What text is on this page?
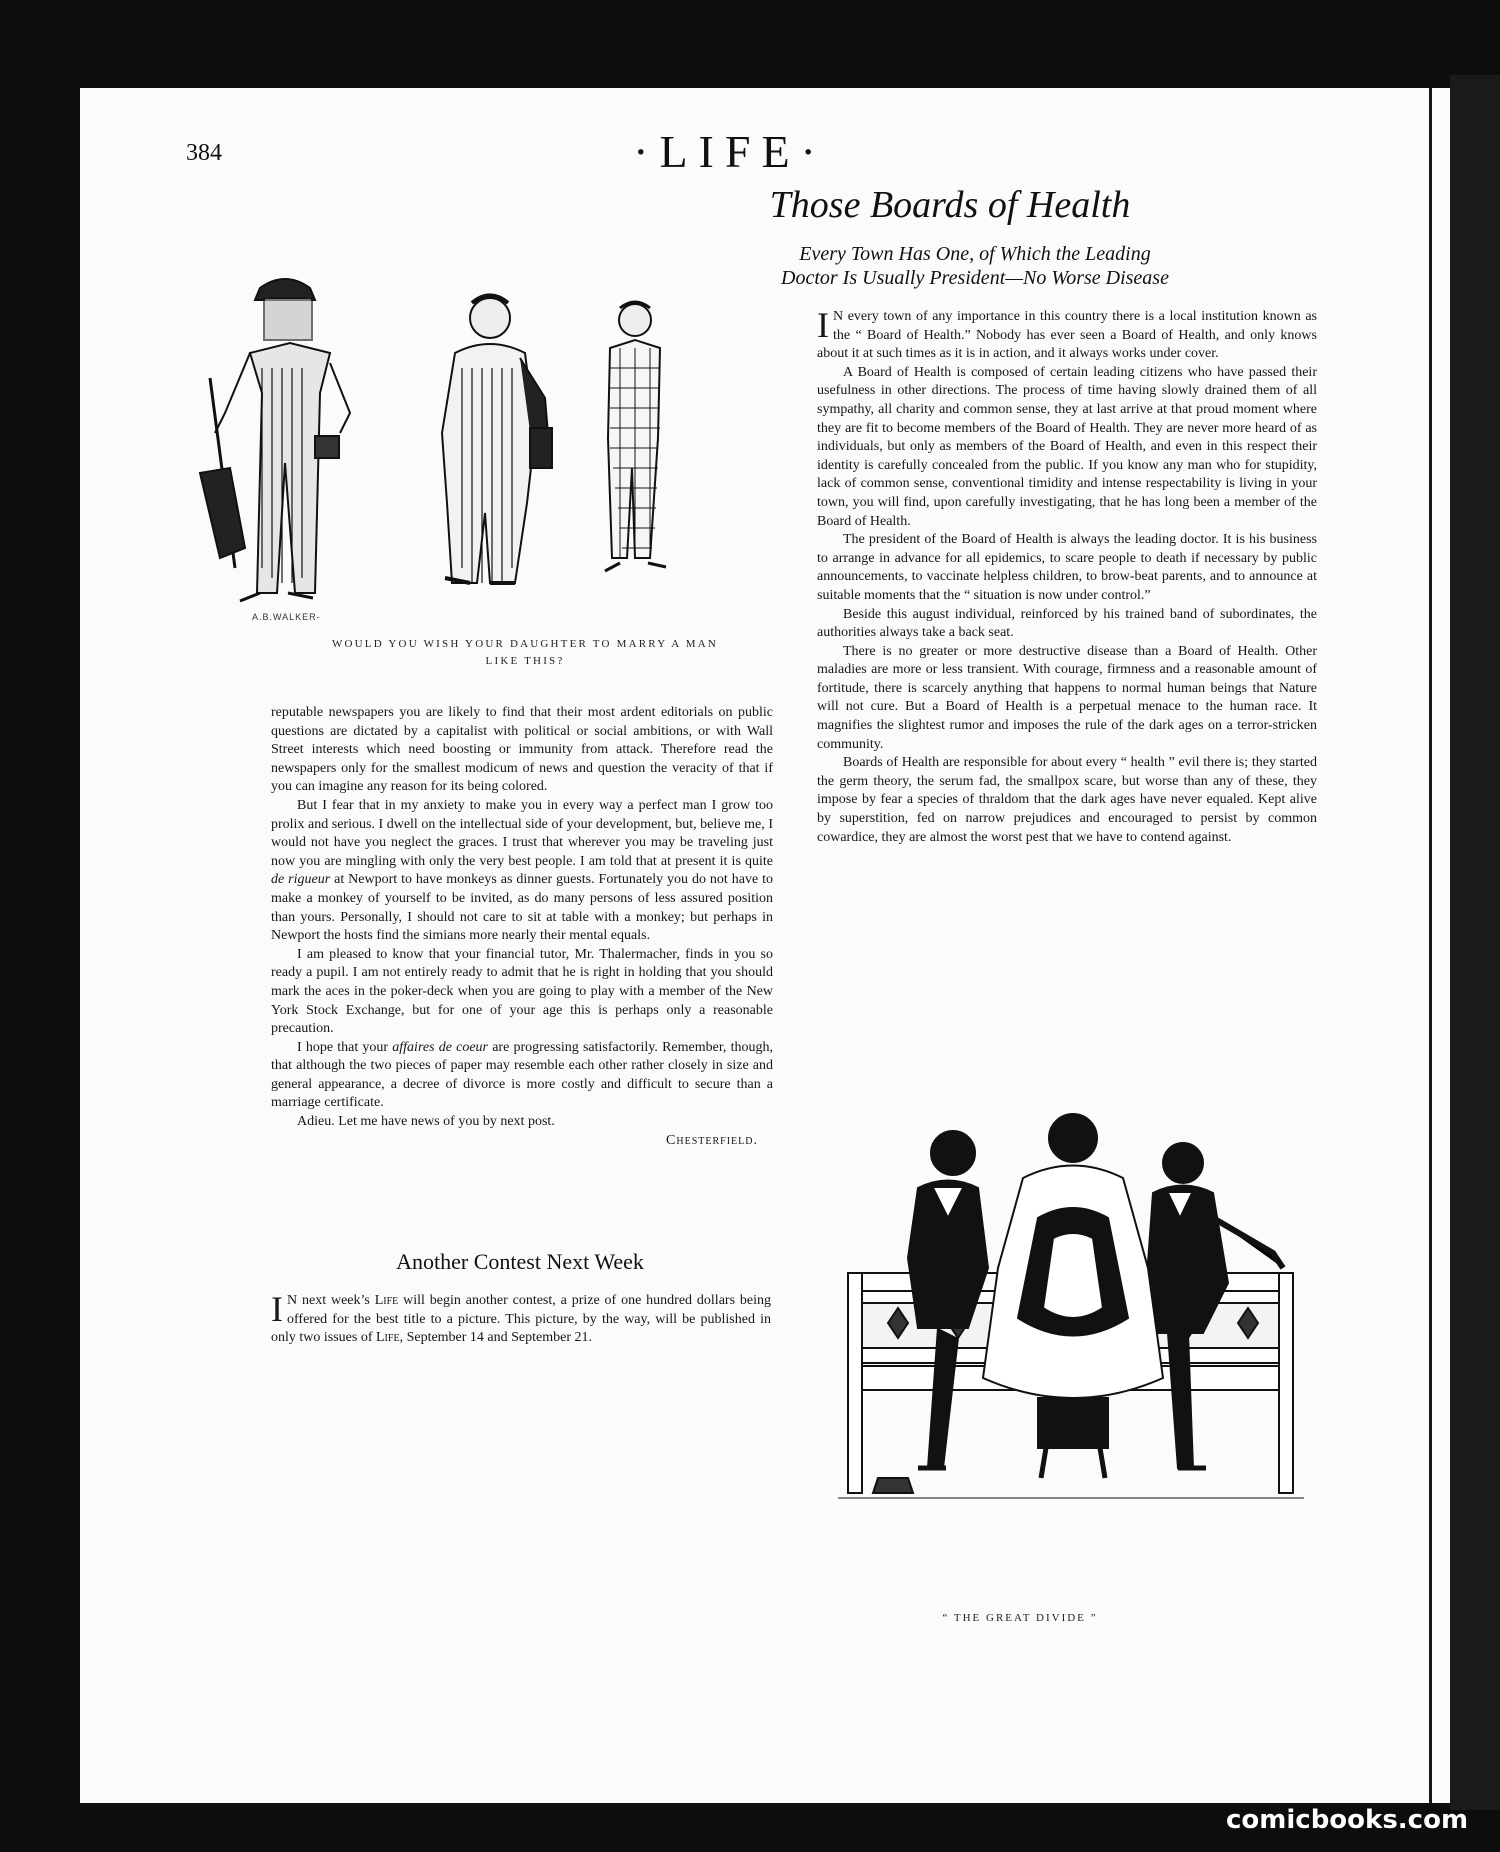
384	·LIFE·
Those Boards of Health
Every Town Has One, of Which the Leading
Doctor Is Usually President—No Worse Disease

I N every town of any importance in this country there is a local institution known as the “ Board of Health.” Nobody has ever seen a Board of Health, and only knows about it at such times as it is in action, and it always works under cover.

A Board of Health is composed of certain leading citizens who have passed their usefulness in other directions. The process of time having slowly drained them of all sympathy, all charity and common sense, they at last arrive at that proud moment where they are fit to become members of the Board of Health. They are never more heard of as individuals, but only as members of the Board of Health, and even in this respect their identity is carefully concealed from the public. If you know any man who for stupidity, lack of common sense, conventional timidity and intense respectability is living in your town, you will find, upon carefully investigating, that he has long been a member of the Board of Health.

The president of the Board of Health is always the leading doctor. It is his business to arrange in advance for all epidemics, to scare people to death if necessary by public announcements, to vaccinate helpless children, to brow-beat parents, and to announce at suitable moments that the “ situation is now under control.”

Beside this august individual, reinforced by his trained band of subordinates, the authorities always take a back seat.

There is no greater or more destructive disease than a Board of Health. Other maladies are more or less transient. With courage, firmness and a reasonable amount of fortitude, there is scarcely anything that happens to normal human beings that Nature will not cure. But a Board of Health is a perpetual menace to the human race. It magnifies the slightest rumor and imposes the rule of the dark ages on a terror-stricken community.

Boards of Health are responsible for about every “ health ” evil there is; they started the germ theory, the serum fad, the smallpox scare, but worse than any of these, they impose by fear a species of thraldom that the dark ages have never equaled. Kept alive by superstition, fed on narrow prejudices and encouraged to persist by common cowardice, they are almost the worst pest that we have to contend against.

A.B.WALKER-
WOULD YOU WISH YOUR DAUGHTER TO MARRY A MAN
LIKE THIS?

reputable newspapers you are likely to find that their most ardent editorials on public questions are dictated by a capitalist with political or social ambitions, or with Wall Street interests which need boosting or immunity from attack. Therefore read the newspapers only for the smallest modicum of news and question the veracity of that if you can imagine any reason for its being colored.

But I fear that in my anxiety to make you in every way a perfect man I grow too prolix and serious. I dwell on the intellectual side of your development, but, believe me, I would not have you neglect the graces. I trust that wherever you may be traveling just now you are mingling with only the very best people. I am told that at present it is quite de rigueur at Newport to have monkeys as dinner guests. Fortunately you do not have to make a monkey of yourself to be invited, as do many persons of less assured position than yours. Personally, I should not care to sit at table with a monkey; but perhaps in Newport the hosts find the simians more nearly their mental equals.

I am pleased to know that your financial tutor, Mr. Thalermacher, finds in you so ready a pupil. I am not entirely ready to admit that he is right in holding that you should mark the aces in the poker-deck when you are going to play with a member of the New York Stock Exchange, but for one of your age this is perhaps only a reasonable precaution.

I hope that your affaires de coeur are progressing satisfactorily. Remember, though, that although the two pieces of paper may resemble each other rather closely in size and general appearance, a decree of divorce is more costly and difficult to secure than a marriage certificate.

Adieu. Let me have news of you by next post.

Chesterfield.
Another Contest Next Week

I N next week’s Life will begin another contest, a prize of one hundred dollars being offered for the best title to a picture. This picture, by the way, will be published in only two issues of Life, September 14 and September 21.

“ THE GREAT DIVIDE ”
comicbooks.com
